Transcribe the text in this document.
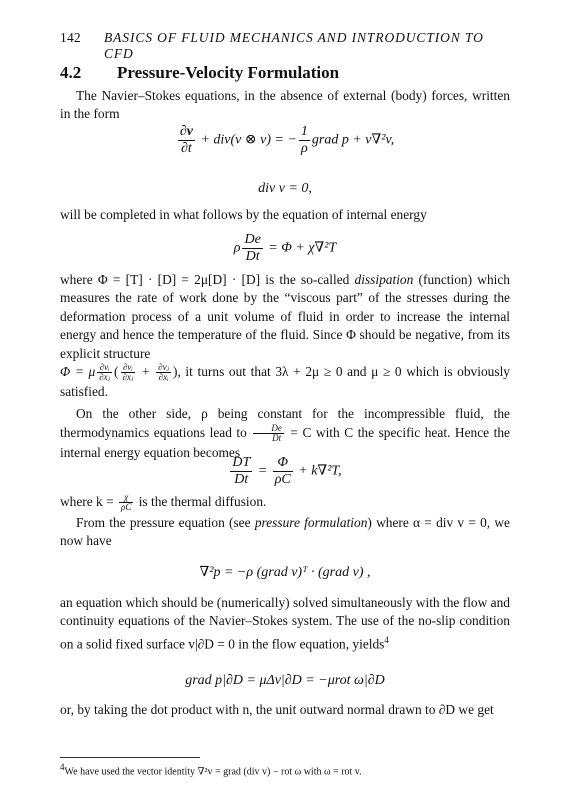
142 BASICS OF FLUID MECHANICS AND INTRODUCTION TO CFD
4.2 Pressure-Velocity Formulation
The Navier–Stokes equations, in the absence of external (body) forces, written in the form
$\frac{\partial v}{\partial t} + div(v$ ⊗ v) = − $\frac{1}{\rho}$ grad p + ν∇²v,
div v = 0,
will be completed in what follows by the equation of internal energy
ρ $\frac{De}{Dt} = \Phi + \chi\nabla^2T$
where Φ = [T] · [D] = 2μ[D] · [D] is the so-called dissipation (function) which measures the rate of work done by the “viscous part” of the stresses during the deformation process of a unit volume of fluid in order to increase the internal energy and hence the temperature of the fluid. Since Φ should be negative, from its explicit structure
Φ = μ $\frac{\text{∂vᵢ}}{\text{∂xⱼ}}$ ( $\frac{\text{∂vᵢ}}{\text{∂xⱼ}} + \frac{\text{∂vⱼ}}{\text{∂xᵢ}}$ ), it turns out that 3λ + 2μ ≥ 0 and μ ≥ 0 which is obviously satisfied.
On the other side, ρ being constant for the incompressible fluid, the thermodynamics equations lead to $\frac{De}{Dt} = C$ with C the specific heat. Hence the internal energy equation becomes
$\frac{DT}{Dt} = \frac{\Phi}{\rho C} + k\nabla^2T$,
where $k = \frac{\chi}{\rho C}$ is the thermal diffusion.
From the pressure equation (see pressure formulation) where α = div v = 0, we now have
∇²p = −ρ (grad v)ᵀ · (grad v) ,
an equation which should be (numerically) solved simultaneously with the flow and continuity equations of the Navier–Stokes system. The use of the no-slip condition on a solid fixed surface v|∂D = 0 in the flow equation, yields$^4$
grad p|∂D = μΔv|∂D = −μrot ω|∂D
or, by taking the dot product with n, the unit outward normal drawn to ∂D we get
$^4$We have used the vector identity ∇²v = grad (div v) − rot ω with ω = rot v.
